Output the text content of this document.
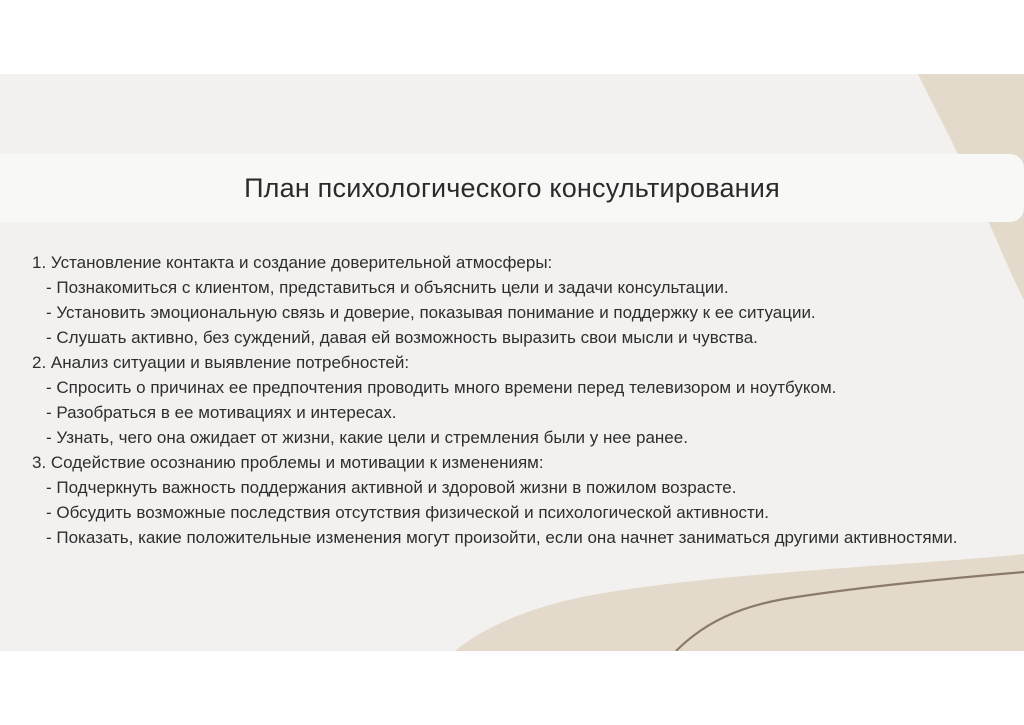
План психологического консультирования

1. Установление контакта и создание доверительной атмосферы:

- Познакомиться с клиентом, представиться и объяснить цели и задачи консультации.

- Установить эмоциональную связь и доверие, показывая понимание и поддержку к ее ситуации.

- Слушать активно, без суждений, давая ей возможность выразить свои мысли и чувства.

2. Анализ ситуации и выявление потребностей:

- Спросить о причинах ее предпочтения проводить много времени перед телевизором и ноутбуком.

- Разобраться в ее мотивациях и интересах.

- Узнать, чего она ожидает от жизни, какие цели и стремления были у нее ранее.

3. Содействие осознанию проблемы и мотивации к изменениям:

- Подчеркнуть важность поддержания активной и здоровой жизни в пожилом возрасте.

- Обсудить возможные последствия отсутствия физической и психологической активности.

- Показать, какие положительные изменения могут произойти, если она начнет заниматься другими активностями.
